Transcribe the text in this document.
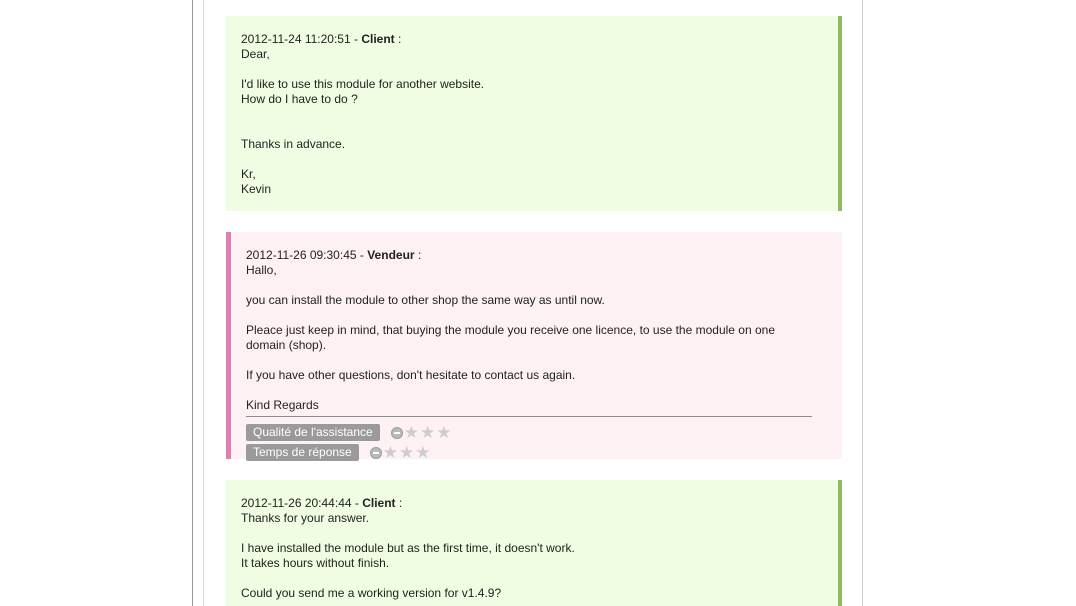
2012-11-24 11:20:51 - Client :

Dear,

I'd like to use this module for another website.

How do I have to do ?

Thanks in advance.

Kr,

Kevin

2012-11-26 09:30:45 - Vendeur :

Hallo,

you can install the module to other shop the same way as until now.

Pleace just keep in mind, that buying the module you receive one licence, to use the module on one

domain (shop).

If you have other questions, don't hesitate to contact us again.

Kind Regards

Qualité de l'assistance	★ ★ ★
Temps de réponse	★ ★ ★
2012-11-26 20:44:44 - Client :

Thanks for your answer.

I have installed the module but as the first time, it doesn't work.

It takes hours without finish.

Could you send me a working version for v1.4.9?
